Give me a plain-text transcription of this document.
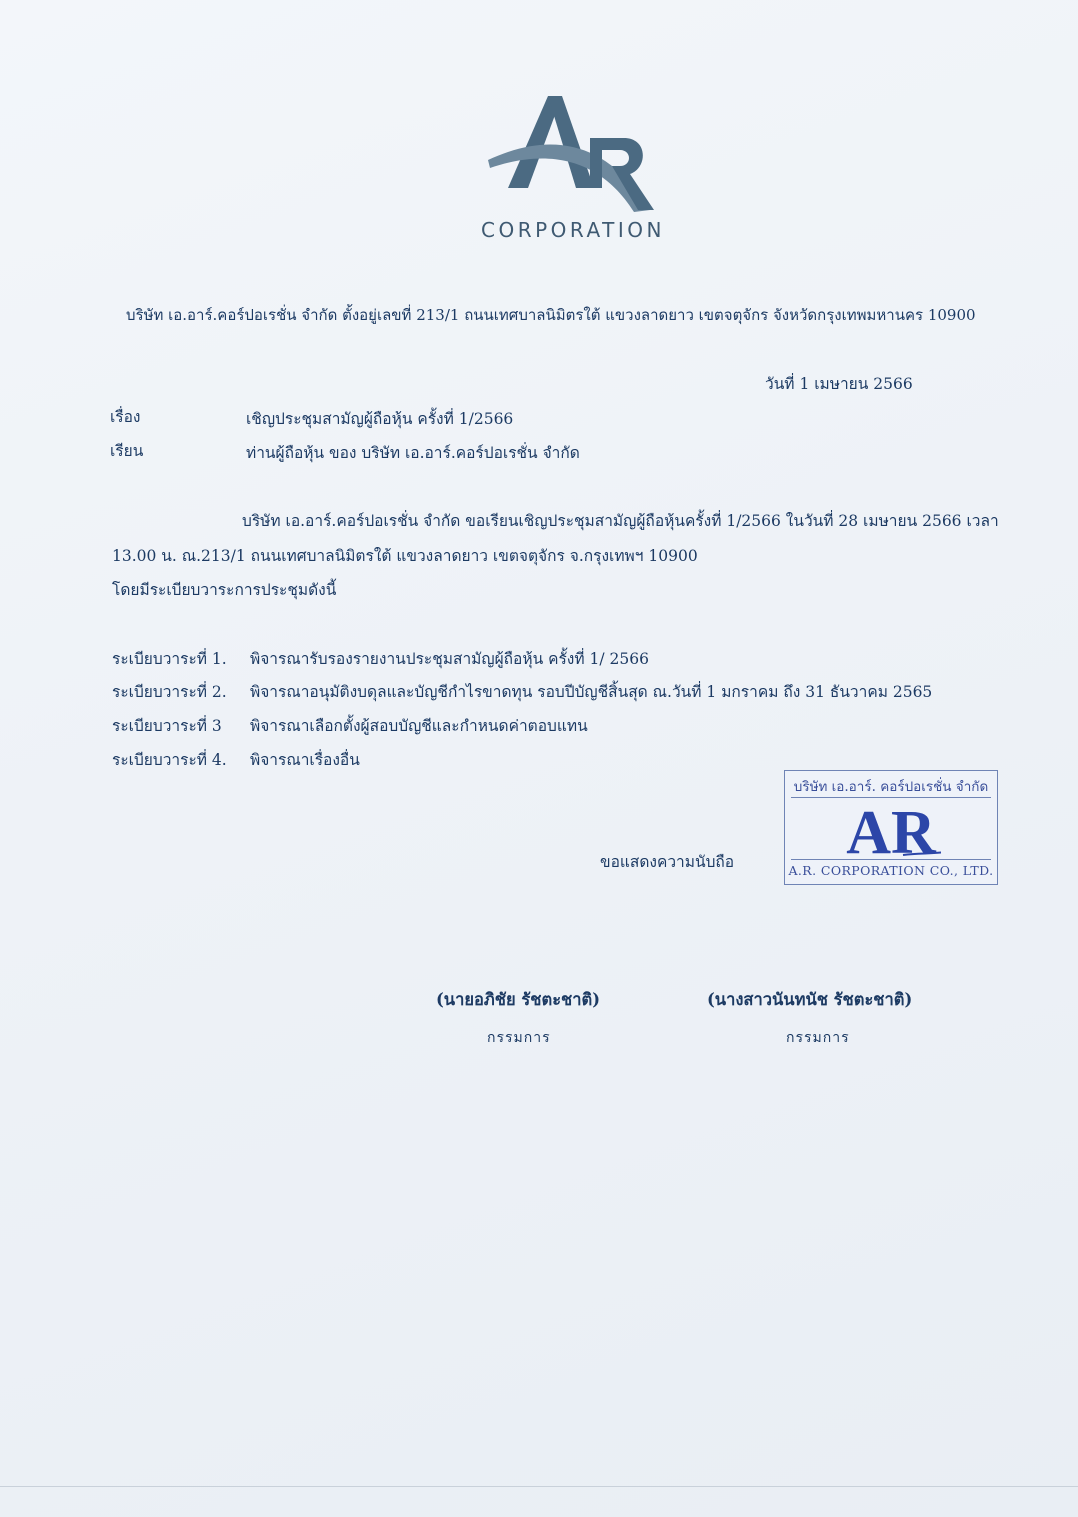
CORPORATION
บริษัท เอ.อาร์.คอร์ปอเรชั่น จำกัด ตั้งอยู่เลขที่ 213/1 ถนนเทศบาลนิมิตรใต้ แขวงลาดยาว เขตจตุจักร จังหวัดกรุงเทพมหานคร 10900
วันที่ 1 เมษายน 2566
เรื่อง	เชิญประชุมสามัญผู้ถือหุ้น ครั้งที่ 1/2566
เรียน	ท่านผู้ถือหุ้น ของ บริษัท เอ.อาร์.คอร์ปอเรชั่น จำกัด
บริษัท เอ.อาร์.คอร์ปอเรชั่น จำกัด ขอเรียนเชิญประชุมสามัญผู้ถือหุ้นครั้งที่ 1/2566 ในวันที่ 28 เมษายน 2566 เวลา
13.00 น. ณ.213/1 ถนนเทศบาลนิมิตรใต้ แขวงลาดยาว เขตจตุจักร จ.กรุงเทพฯ 10900
โดยมีระเบียบวาระการประชุมดังนี้
ระเบียบวาระที่ 1. พิจารณารับรองรายงานประชุมสามัญผู้ถือหุ้น ครั้งที่ 1/ 2566
ระเบียบวาระที่ 2. พิจารณาอนุมัติงบดุลและบัญชีกำไรขาดทุน รอบปีบัญชีสิ้นสุด ณ.วันที่ 1 มกราคม ถึง 31 ธันวาคม 2565
ระเบียบวาระที่ 3 พิจารณาเลือกตั้งผู้สอบบัญชีและกำหนดค่าตอบแทน
ระเบียบวาระที่ 4. พิจารณาเรื่องอื่น
ขอแสดงความนับถือ
บริษัท เอ.อาร์. คอร์ปอเรชั่น จำกัด
AR
A.R. CORPORATION CO., LTD.
(นายอภิชัย รัชตะชาติ)
กรรมการ
(นางสาวนันทนัช รัชตะชาติ)
กรรมการ
